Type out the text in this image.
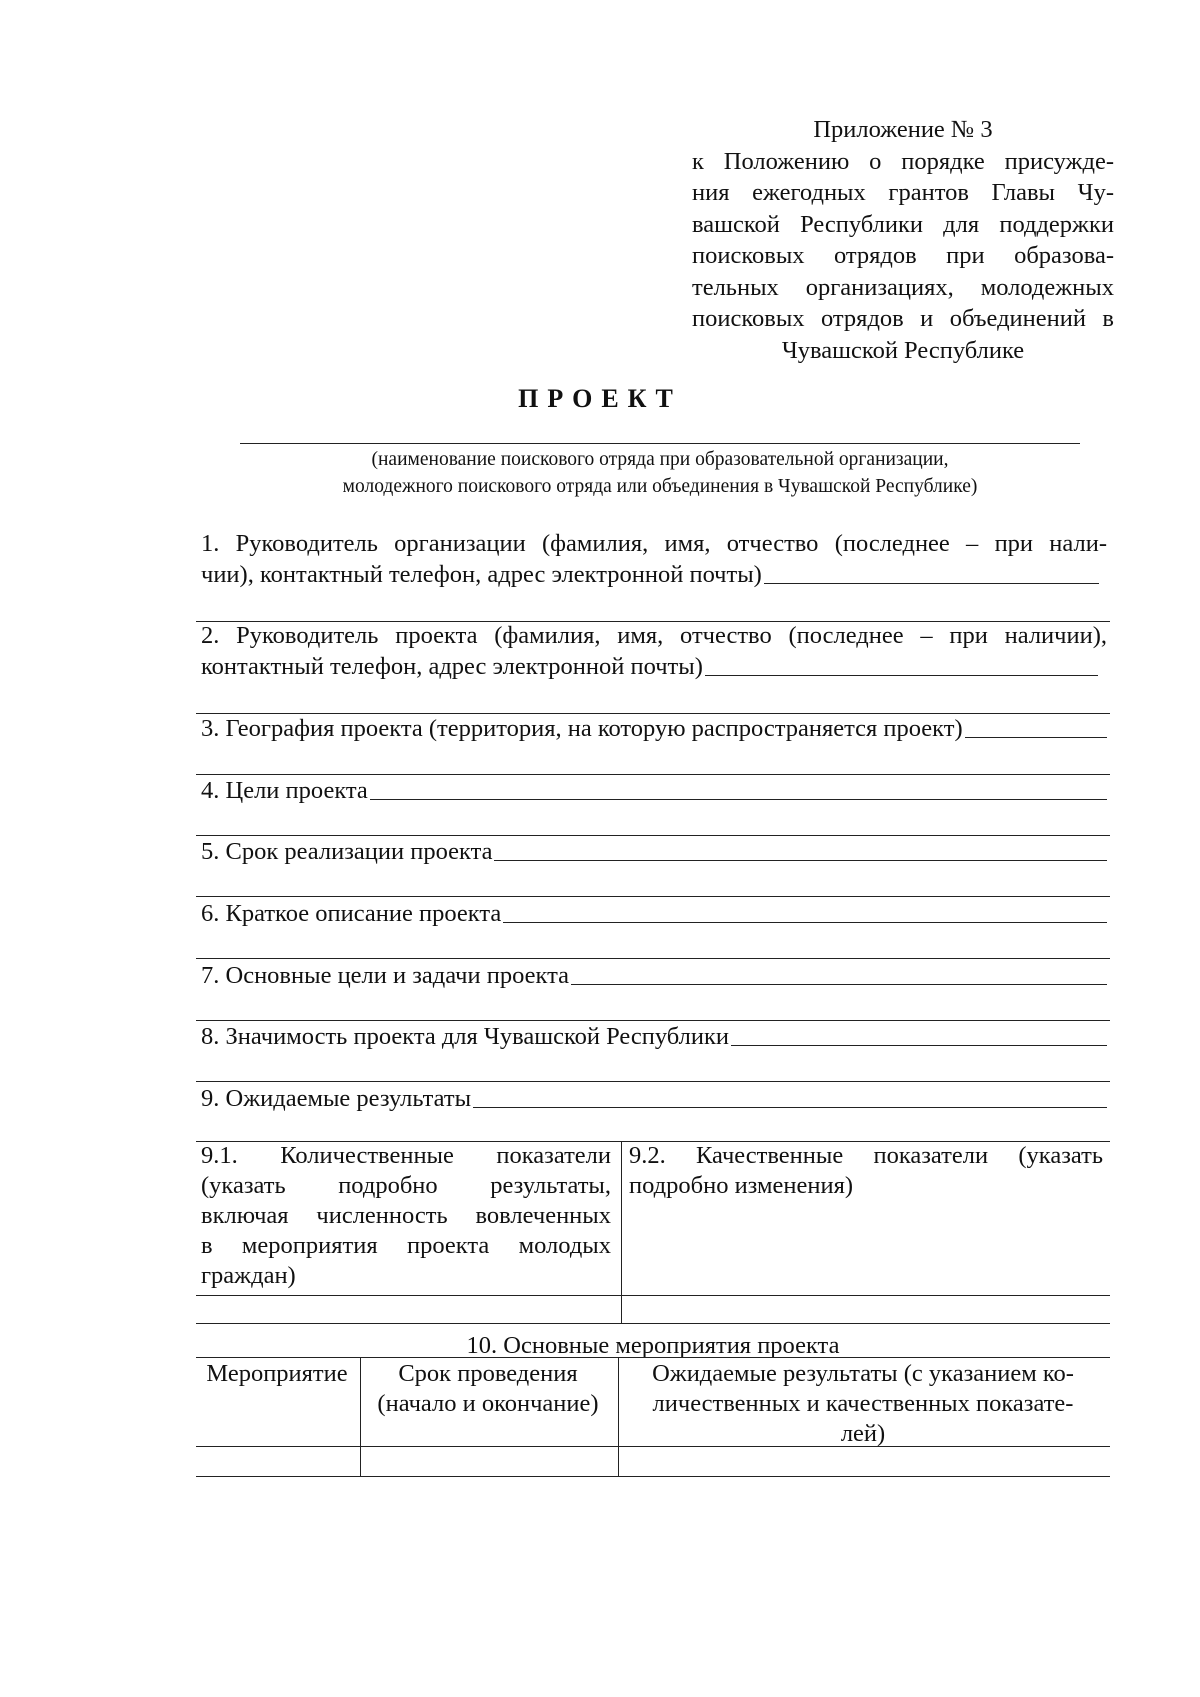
Приложение № 3
к Положению о порядке присужде-
ния ежегодных грантов Главы Чу-
вашской Республики для поддержки
поисковых отрядов при образова-
тельных организациях, молодежных
поисковых отрядов и объединений в
Чувашской Республике
ПРОЕКТ
(наименование поискового отряда при образовательной организации,
молодежного поискового отряда или объединения в Чувашской Республике)
1. Руководитель организации (фамилия, имя, отчество (последнее – при нали-
чии), контактный телефон, адрес электронной почты)
2. Руководитель проекта (фамилия, имя, отчество (последнее – при наличии),
контактный телефон, адрес электронной почты)
3. География проекта (территория, на которую распространяется проект)
4. Цели проекта
5. Срок реализации проекта
6. Краткое описание проекта
7. Основные цели и задачи проекта
8. Значимость проекта для Чувашской Республики
9. Ожидаемые результаты
9.1. Количественные показатели
(указать подробно результаты,
включая численность вовлеченных
в мероприятия проекта молодых
граждан)
9.2. Качественные показатели (указать
подробно изменения)
10. Основные мероприятия проекта
Мероприятие	Срок проведения
(начало и окончание)
Ожидаемые результаты (с указанием ко-
личественных и качественных показате-
лей)
